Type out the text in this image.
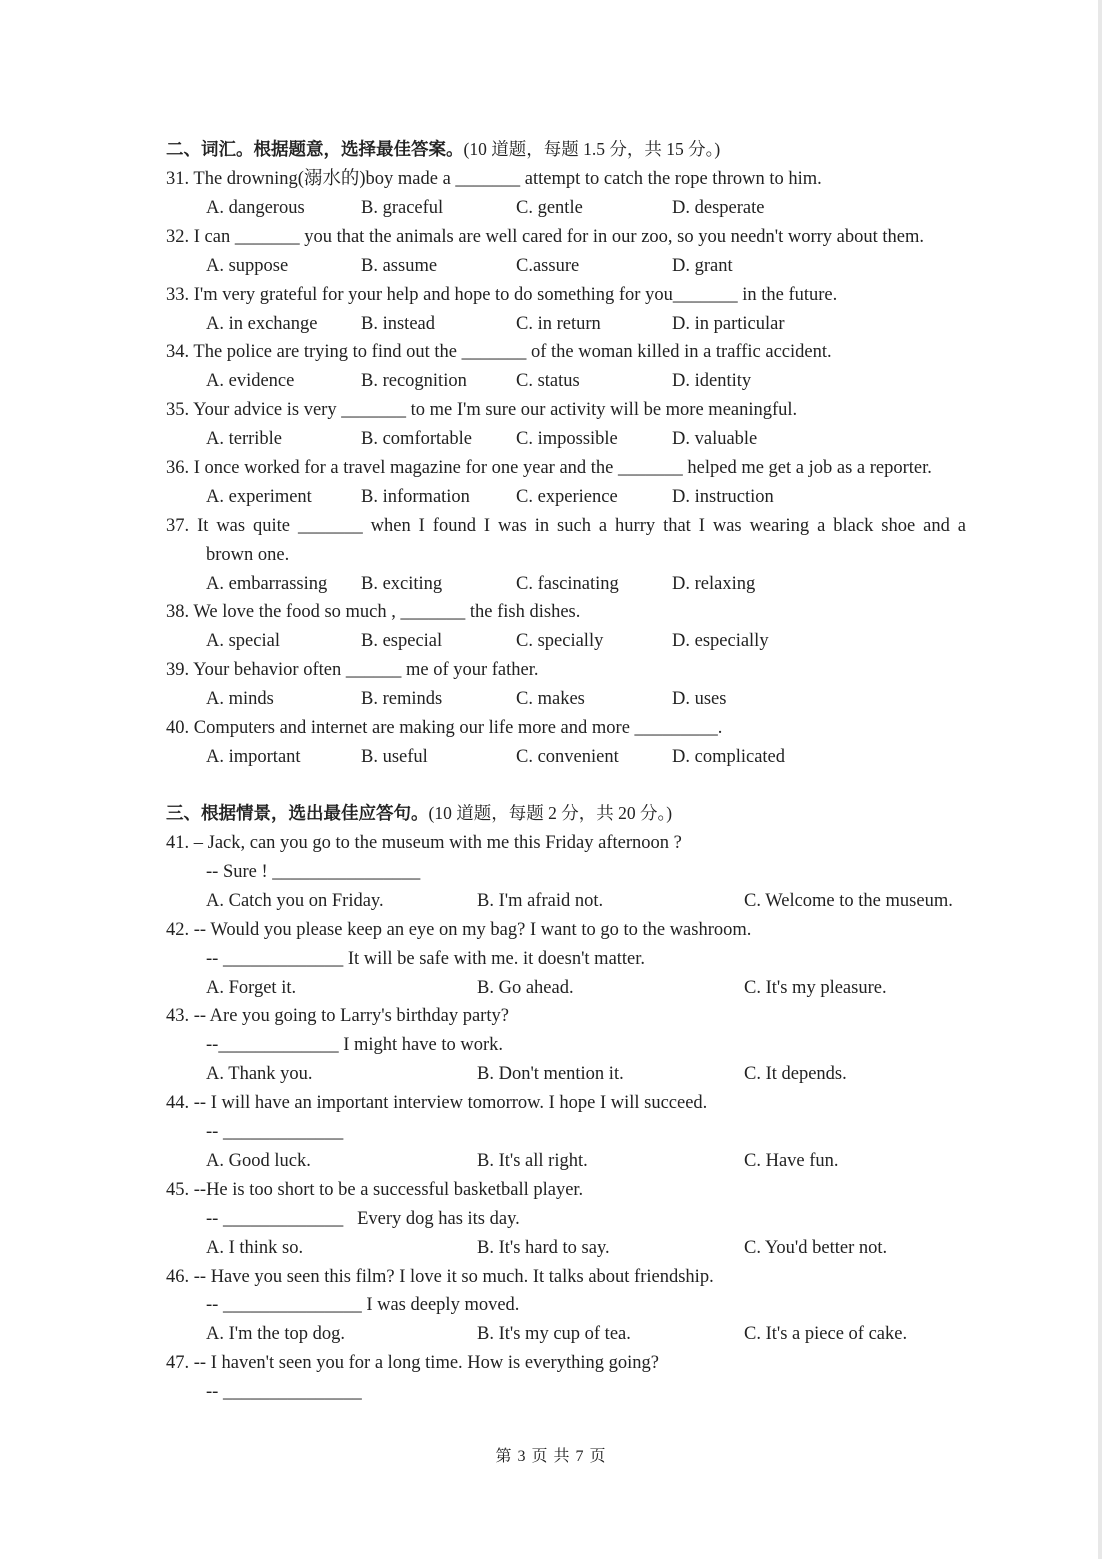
二、词汇。根据题意，选择最佳答案。(10 道题，每题 1.5 分，共 15 分。)
31. The drowning(溺水的)boy made a _______ attempt to catch the rope thrown to him.
A. dangerous	B. graceful	C. gentle	D. desperate
32. I can _______ you that the animals are well cared for in our zoo, so you needn't worry about them.
A. suppose	B. assume	C.assure	D. grant
33. I'm very grateful for your help and hope to do something for you_______ in the future.
A. in exchange B. instead	C. in return	D. in particular
34. The police are trying to find out the _______ of the woman killed in a traffic accident.
A. evidence	B. recognition	C. status	D. identity
35. Your advice is very _______ to me I'm sure our activity will be more meaningful.
A. terrible	B. comfortable C. impossible	D. valuable
36. I once worked for a travel magazine for one year and the _______ helped me get a job as a reporter.
A. experiment	B. information C. experience	D. instruction
37. It was quite _______ when I found I was in such a hurry that I was wearing a black shoe and a
brown one.
A. embarrassing B. exciting	C. fascinating	D. relaxing
38. We love the food so much , _______ the fish dishes.
A. special	B. especial	C. specially	D. especially
39. Your behavior often ______ me of your father.
A. minds	B. reminds	C. makes	D. uses
40. Computers and internet are making our life more and more _________.
A. important	B. useful	C. convenient	D. complicated
三、根据情景，选出最佳应答句。(10 道题，每题 2 分，共 20 分。)
41. – Jack, can you go to the museum with me this Friday afternoon ?
-- Sure ! ________________
A. Catch you on Friday.	B. I'm afraid not.	C. Welcome to the museum.
42. -- Would you please keep an eye on my bag? I want to go to the washroom.
-- _____________ It will be safe with me. it doesn't matter.
A. Forget it.	B. Go ahead.	C. It's my pleasure.
43. -- Are you going to Larry's birthday party?
--_____________ I might have to work.
A. Thank you.	B. Don't mention it.	C. It depends.
44. -- I will have an important interview tomorrow. I hope I will succeed.
-- _____________
A. Good luck.	B. It's all right.	C. Have fun.
45. --He is too short to be a successful basketball player.
-- _____________   Every dog has its day.
A. I think so.	B. It's hard to say.	C. You'd better not.
46. -- Have you seen this film? I love it so much. It talks about friendship.
-- _______________ I was deeply moved.
A. I'm the top dog.	B. It's my cup of tea.	C. It's a piece of cake.
47. -- I haven't seen you for a long time. How is everything going?
-- _______________
第 3 页 共 7 页
